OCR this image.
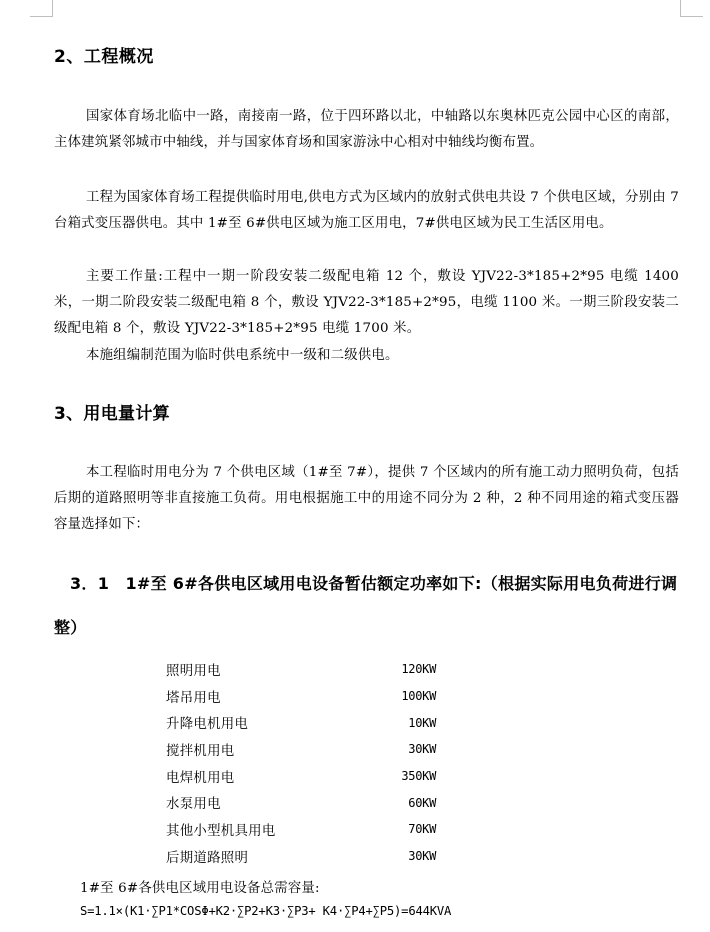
2、工程概况
国家体育场北临中一路，南接南一路，位于四环路以北，中轴路以东奥林匹克公园中心区的南部，主体建筑紧邻城市中轴线，并与国家体育场和国家游泳中心相对中轴线均衡布置。
工程为国家体育场工程提供临时用电,供电方式为区域内的放射式供电共设 7 个供电区域，分别由 7 台箱式变压器供电。其中 1#至 6#供电区域为施工区用电，7#供电区域为民工生活区用电。
主要工作量:工程中一期一阶段安装二级配电箱 12 个，敷设 YJV22-3*185+2*95 电缆 1400 米，一期二阶段安装二级配电箱 8 个，敷设 YJV22-3*185+2*95，电缆 1100 米。一期三阶段安装二级配电箱 8 个，敷设 YJV22-3*185+2*95 电缆 1700 米。
本施组编制范围为临时供电系统中一级和二级供电。
3、用电量计算
本工程临时用电分为 7 个供电区域（1#至 7#），提供 7 个区域内的所有施工动力照明负荷，包括后期的道路照明等非直接施工负荷。用电根据施工中的用途不同分为 2 种，2 种不同用途的箱式变压器容量选择如下：
3．1　1#至 6#各供电区域用电设备暂估额定功率如下:（根据实际用电负荷进行调整）
照明用电	120KW
塔吊用电	100KW
升降电机用电	10KW
搅拌机用电	30KW
电焊机用电	350KW
水泵用电	60KW
其他小型机具用电	70KW
后期道路照明	30KW
1#至 6#各供电区域用电设备总需容量:
S=1.1×(K1·∑P1*COSΦ+K2·∑P2+K3·∑P3+ K4·∑P4+∑P5)=644KVA
